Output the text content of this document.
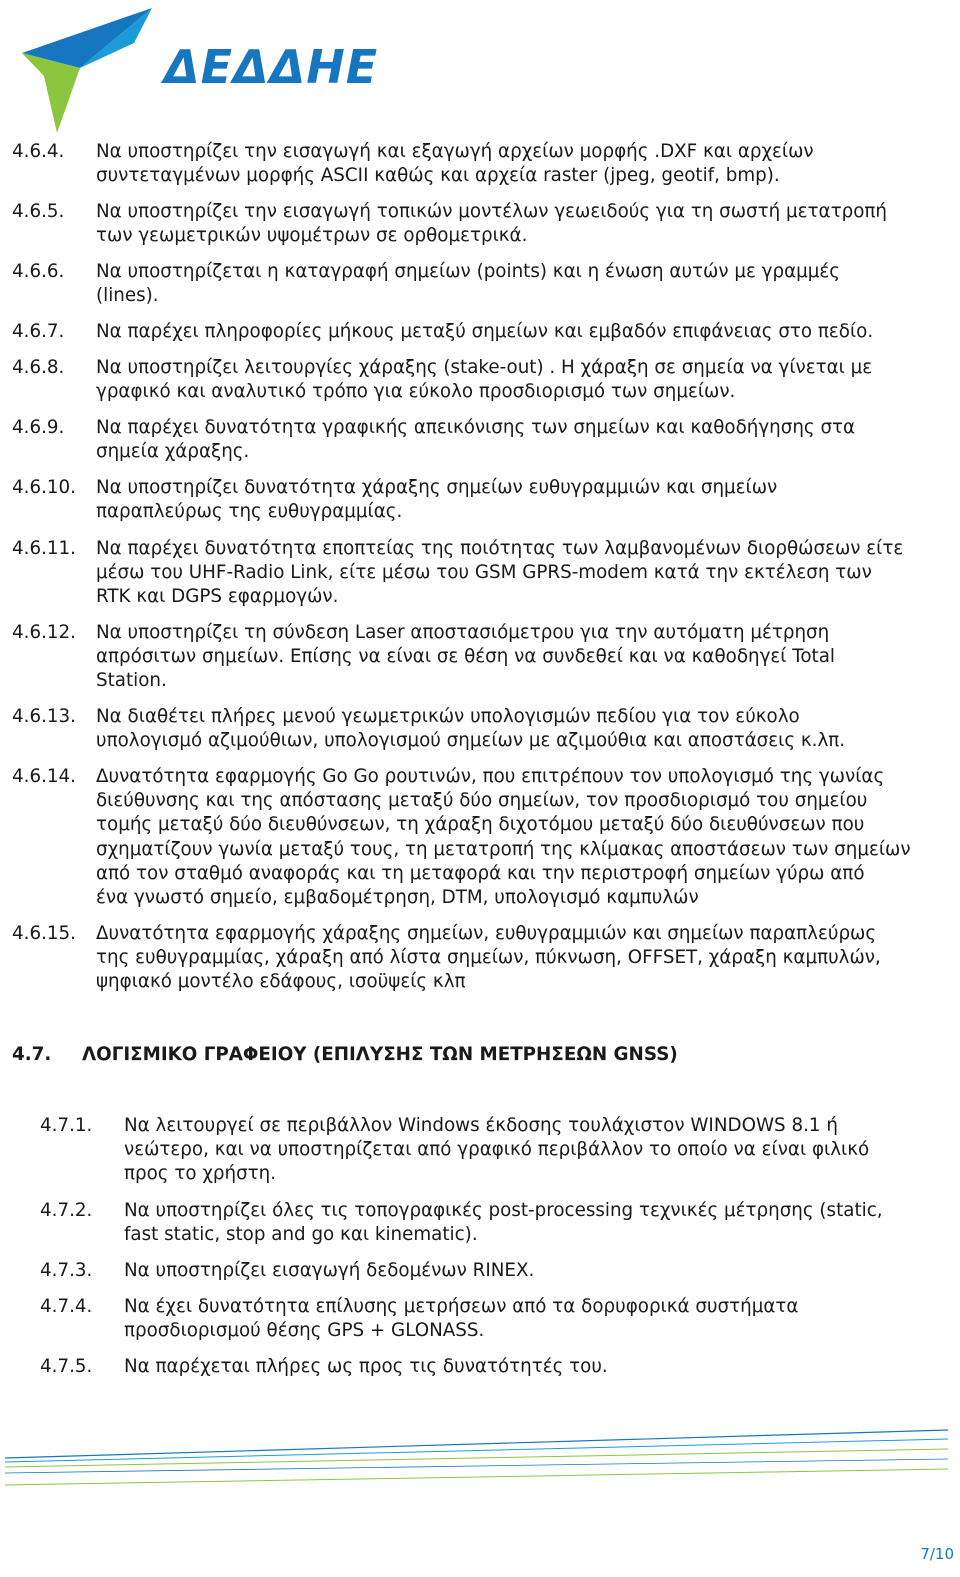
ΔΕΔΔΗΕ
4.6.4. Να υποστηρίζει την εισαγωγή και εξαγωγή αρχείων μορφής .DXF και αρχείων
συντεταγμένων μορφής ASCII καθώς και αρχεία raster (jpeg, geotif, bmp).
4.6.5. Να υποστηρίζει την εισαγωγή τοπικών μοντέλων γεωειδούς για τη σωστή μετατροπή
των γεωμετρικών υψομέτρων σε ορθομετρικά.
4.6.6. Να υποστηρίζεται η καταγραφή σημείων (points) και η ένωση αυτών με γραμμές
(lines).
4.6.7. Να παρέχει πληροφορίες μήκους μεταξύ σημείων και εμβαδόν επιφάνειας στο πεδίο.
4.6.8. Να υποστηρίζει λειτουργίες χάραξης (stake-out) . Η χάραξη σε σημεία να γίνεται με
γραφικό και αναλυτικό τρόπο για εύκολο προσδιορισμό των σημείων.
4.6.9. Να παρέχει δυνατότητα γραφικής απεικόνισης των σημείων και καθοδήγησης στα
σημεία χάραξης.
4.6.10. Να υποστηρίζει δυνατότητα χάραξης σημείων ευθυγραμμιών και σημείων
παραπλεύρως της ευθυγραμμίας.
4.6.11. Να παρέχει δυνατότητα εποπτείας της ποιότητας των λαμβανομένων διορθώσεων είτε
μέσω του UHF-Radio Link, είτε μέσω του GSM GPRS-modem κατά την εκτέλεση των
RTK και DGPS εφαρμογών.
4.6.12. Να υποστηρίζει τη σύνδεση Laser αποστασιόμετρου για την αυτόματη μέτρηση
απρόσιτων σημείων. Επίσης να είναι σε θέση να συνδεθεί και να καθοδηγεί Total
Station.
4.6.13. Να διαθέτει πλήρες μενού γεωμετρικών υπολογισμών πεδίου για τον εύκολο
υπολογισμό αζιμούθιων, υπολογισμού σημείων με αζιμούθια και αποστάσεις κ.λπ.
4.6.14. Δυνατότητα εφαρμογής Go Go ρουτινών, που επιτρέπουν τον υπολογισμό της γωνίας
διεύθυνσης και της απόστασης μεταξύ δύο σημείων, τον προσδιορισμό του σημείου
τομής μεταξύ δύο διευθύνσεων, τη χάραξη διχοτόμου μεταξύ δύο διευθύνσεων που
σχηματίζουν γωνία μεταξύ τους, τη μετατροπή της κλίμακας αποστάσεων των σημείων
από τον σταθμό αναφοράς και τη μεταφορά και την περιστροφή σημείων γύρω από
ένα γνωστό σημείο, εμβαδομέτρηση, DTM, υπολογισμό καμπυλών
4.6.15. Δυνατότητα εφαρμογής χάραξης σημείων, ευθυγραμμιών και σημείων παραπλεύρως
της ευθυγραμμίας, χάραξη από λίστα σημείων, πύκνωση, OFFSET, χάραξη καμπυλών,
ψηφιακό μοντέλο εδάφους, ισοϋψείς κλπ
4.7. ΛΟΓΙΣΜΙΚΟ ΓΡΑΦΕΙΟΥ (ΕΠΙΛΥΣΗΣ ΤΩΝ ΜΕΤΡΗΣΕΩΝ GNSS)
4.7.1. Να λειτουργεί σε περιβάλλον Windows έκδοσης τουλάχιστον WINDOWS 8.1 ή
νεώτερο, και να υποστηρίζεται από γραφικό περιβάλλον το οποίο να είναι φιλικό
προς το χρήστη.
4.7.2. Να υποστηρίζει όλες τις τοπογραφικές post-processing τεχνικές μέτρησης (static,
fast static, stop and go και kinematic).
4.7.3. Να υποστηρίζει εισαγωγή δεδομένων RINEX.
4.7.4. Να έχει δυνατότητα επίλυσης μετρήσεων από τα δορυφορικά συστήματα
προσδιορισμού θέσης GPS + GLONASS.
4.7.5. Να παρέχεται πλήρες ως προς τις δυνατότητές του.
7/10
